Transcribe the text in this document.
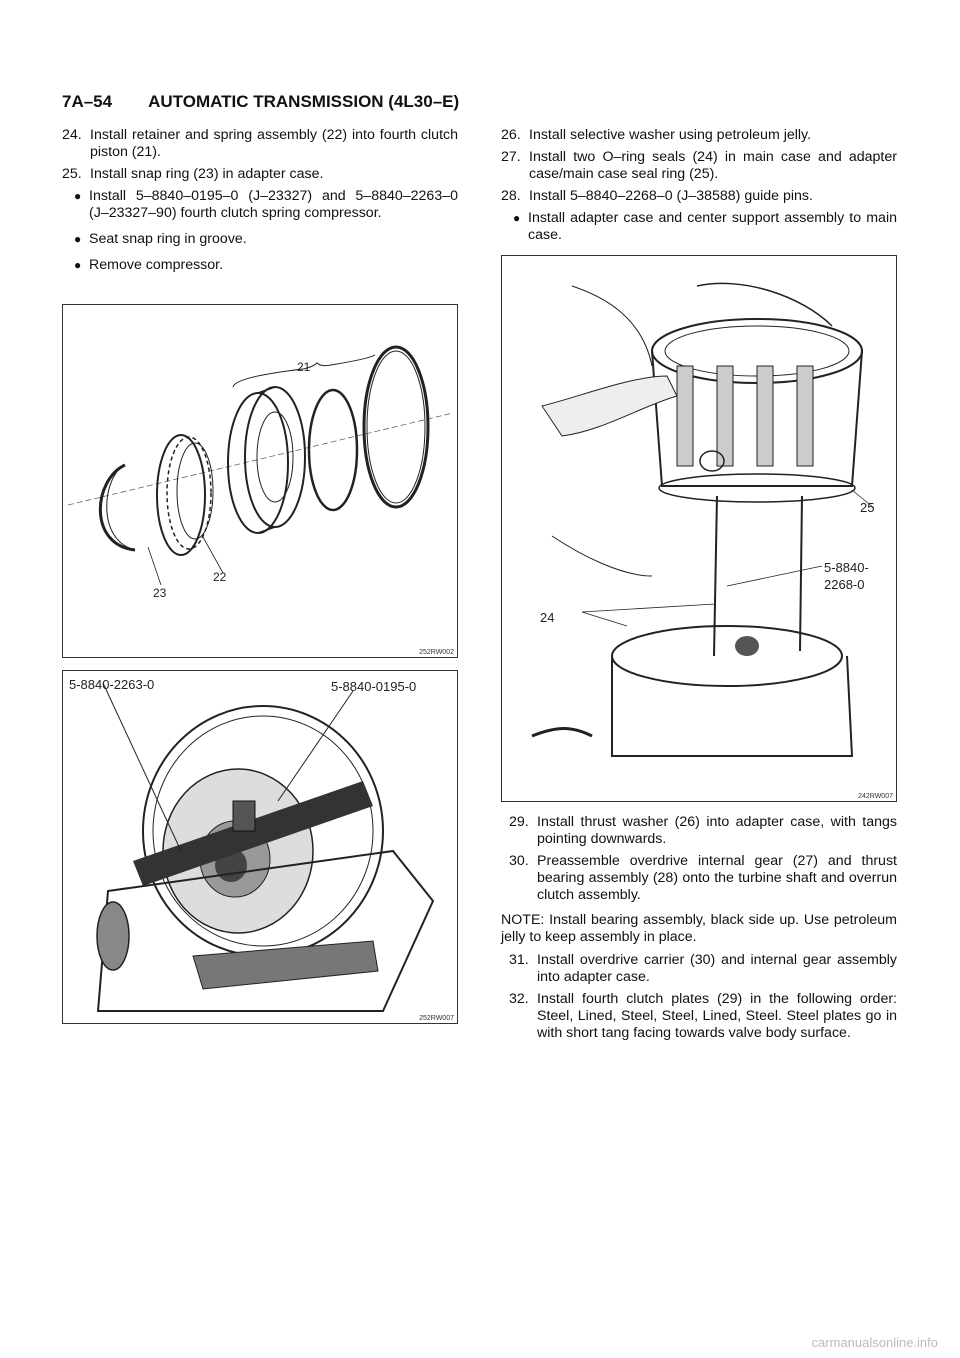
7A–54 AUTOMATIC TRANSMISSION (4L30–E)
24. Install retainer and spring assembly (22) into fourth clutch piston (21).
25. Install snap ring (23) in adapter case.
● Install 5–8840–0195–0 (J–23327) and 5–8840–2263–0 (J–23327–90) fourth clutch spring compressor.
● Seat snap ring in groove.
● Remove compressor.
21
22
23
252RW002
5-8840-2263-0	5-8840-0195-0
252RW007
26. Install selective washer using petroleum jelly.
27. Install two O–ring seals (24) in main case and adapter case/main case seal ring (25).
28. Install 5–8840–2268–0 (J–38588) guide pins.
● Install adapter case and center support assembly to main case.
25
5-8840-
2268-0
24
242RW007
29. Install thrust washer (26) into adapter case, with tangs pointing downwards.
30. Preassemble overdrive internal gear (27) and thrust bearing assembly (28) onto the turbine shaft and overrun clutch assembly.
NOTE: Install bearing assembly, black side up. Use petroleum jelly to keep assembly in place.
31. Install overdrive carrier (30) and internal gear assembly into adapter case.
32. Install fourth clutch plates (29) in the following order: Steel, Lined, Steel, Steel, Lined, Steel. Steel plates go in with short tang facing towards valve body surface.
carmanualsonline.info
